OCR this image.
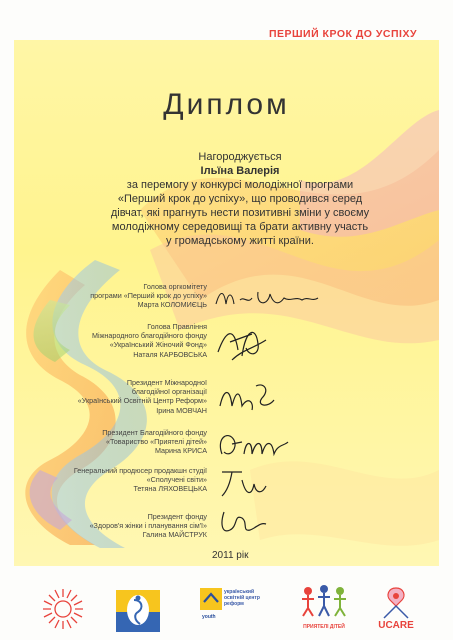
ПЕРШИЙ КРОК ДО УСПІХУ
Диплом
Нагороджується
Ільїна Валерія
за перемогу у конкурсі молодіжної програми
«Перший крок до успіху», що проводився серед
дівчат, які прагнуть нести позитивні зміни у своєму
молодіжному середовищі та брати активну участь
у громадському житті країни.
Голова оргкомітету
програми «Перший крок до успіху»
Марта КОЛОМИЄЦЬ
Голова Правління
Міжнародного благодійного фонду
«Український Жіночий Фонд»
Наталя КАРБОВСЬКА
Президент Міжнародної
благодійної організації
«Український Освітній Центр Реформ»
Ірина МОВЧАН
Президент Благодійного фонду
«Товариство «Приятелі дітей»
Марина КРИСА
Генеральний продюсер продакшн студії
«Сполучені світи»
Тетяна ЛЯХОВЕЦЬКА
Президент фонду
«Здоров'я жінки і планування сім'ї»
Галина МАЙСТРУК
2011 рік
український
освітній центр
реформ
youth
ПРИЯТЕЛІ ДІТЕЙ	UCARE
